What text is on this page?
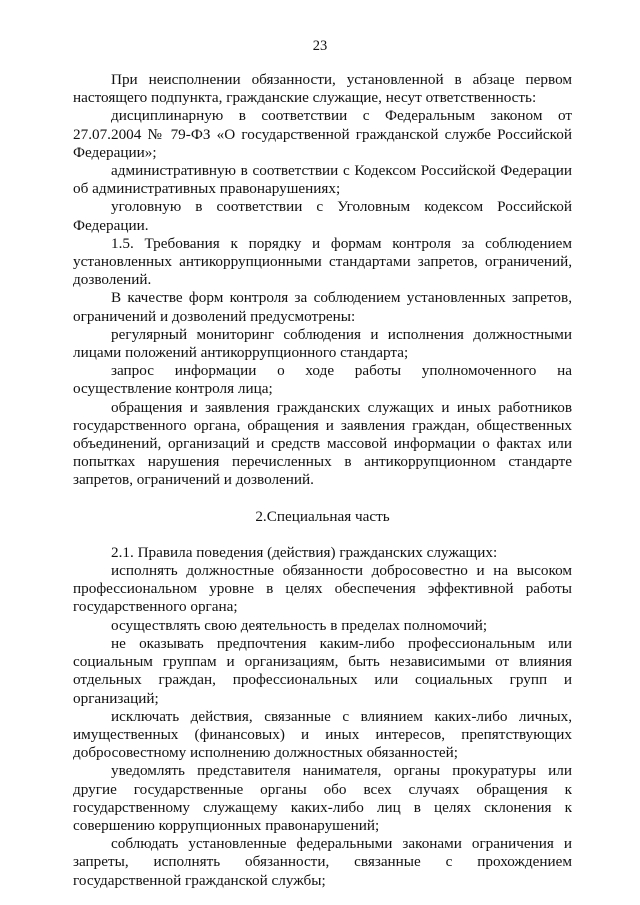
23

При неисполнении обязанности, установленной в абзаце первом настоящего подпункта, гражданские служащие, несут ответственность:

дисциплинарную в соответствии с Федеральным законом от 27.07.2004 № 79-ФЗ «О государственной гражданской службе Российской Федерации»;

административную в соответствии с Кодексом Российской Федерации об административных правонарушениях;

уголовную в соответствии с Уголовным кодексом Российской Федерации.

1.5. Требования к порядку и формам контроля за соблюдением установленных антикоррупционными стандартами запретов, ограничений, дозволений.

В качестве форм контроля за соблюдением установленных запретов, ограничений и дозволений предусмотрены:

регулярный мониторинг соблюдения и исполнения должностными лицами положений антикоррупционного стандарта;

запрос информации о ходе работы уполномоченного на осуществление контроля лица;

обращения и заявления гражданских служащих и иных работников государственного органа, обращения и заявления граждан, общественных объединений, организаций и средств массовой информации о фактах или попытках нарушения перечисленных в антикоррупционном стандарте запретов, ограничений и дозволений.

2.Специальная часть

2.1. Правила поведения (действия) гражданских служащих:

исполнять должностные обязанности добросовестно и на высоком профессиональном уровне в целях обеспечения эффективной работы государственного органа;

осуществлять свою деятельность в пределах полномочий;

не оказывать предпочтения каким-либо профессиональным или социальным группам и организациям, быть независимыми от влияния отдельных граждан, профессиональных или социальных групп и организаций;

исключать действия, связанные с влиянием каких-либо личных, имущественных (финансовых) и иных интересов, препятствующих добросовестному исполнению должностных обязанностей;

уведомлять представителя нанимателя, органы прокуратуры или другие государственные органы обо всех случаях обращения к государственному служащему каких-либо лиц в целях склонения к совершению коррупционных правонарушений;

соблюдать установленные федеральными законами ограничения и запреты, исполнять обязанности, связанные с прохождением государственной гражданской службы;
